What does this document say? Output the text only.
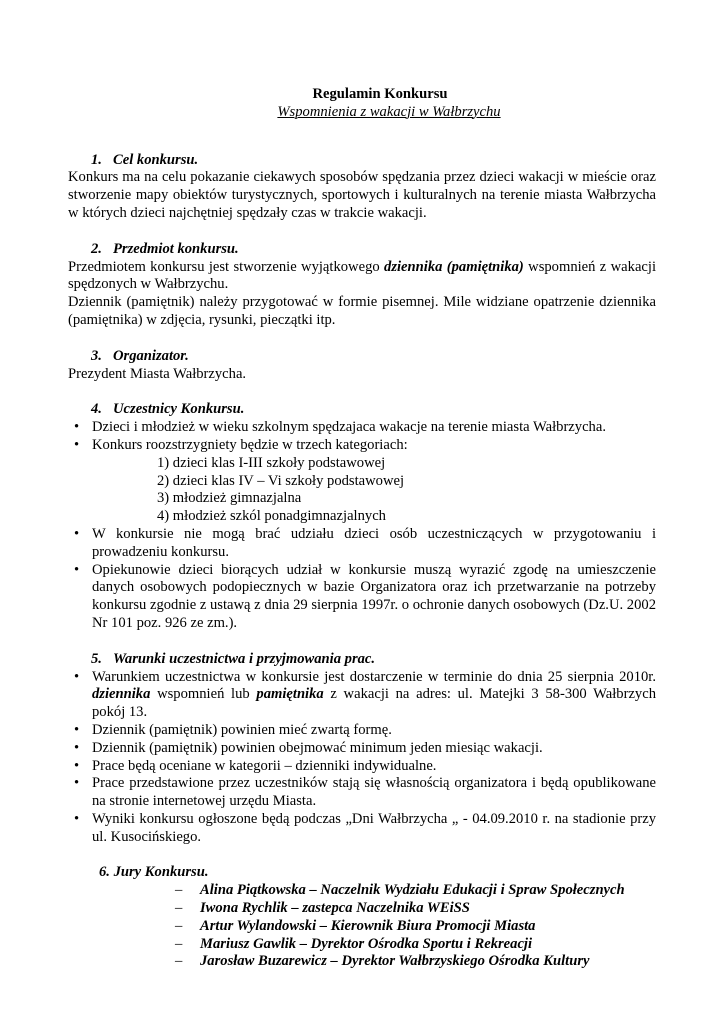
Regulamin Konkursu
Wspomnienia z wakacji w Wałbrzychu
1. Cel konkursu.
Konkurs ma na celu pokazanie ciekawych sposobów spędzania przez dzieci wakacji w mieście oraz stworzenie mapy obiektów turystycznych, sportowych i kulturalnych na terenie miasta Wałbrzycha w których dzieci najchętniej spędzały czas w trakcie wakacji.
2. Przedmiot konkursu.
Przedmiotem konkursu jest stworzenie wyjątkowego dziennika (pamiętnika) wspomnień z wakacji spędzonych w Wałbrzychu.
Dziennik (pamiętnik) należy przygotować w formie pisemnej. Mile widziane opatrzenie dziennika (pamiętnika) w zdjęcia, rysunki, pieczątki itp.
3. Organizator.
Prezydent Miasta Wałbrzycha.
4. Uczestnicy Konkursu.
• Dzieci i młodzież w wieku szkolnym spędzajaca wakacje na terenie miasta Wałbrzycha.
• Konkurs roozstrzygniety będzie w trzech kategoriach:
1) dzieci klas I-III szkoły podstawowej
2) dzieci klas IV – Vi szkoły podstawowej
3) młodzież gimnazjalna
4) młodzież szkól ponadgimnazjalnych
• W konkursie nie mogą brać udziału dzieci osób uczestniczących w przygotowaniu i prowadzeniu konkursu.
• Opiekunowie dzieci biorących udział w konkursie muszą wyrazić zgodę na umieszczenie danych osobowych podopiecznych w bazie Organizatora oraz ich przetwarzanie na potrzeby konkursu zgodnie z ustawą z dnia 29 sierpnia 1997r. o ochronie danych osobowych (Dz.U. 2002 Nr 101 poz. 926 ze zm.).
5. Warunki uczestnictwa i przyjmowania prac.
• Warunkiem uczestnictwa w konkursie jest dostarczenie w terminie do dnia 25 sierpnia 2010r. dziennika wspomnień lub pamiętnika z wakacji na adres: ul. Matejki 3 58-300 Wałbrzych pokój 13.
• Dziennik (pamiętnik) powinien mieć zwartą formę.
• Dziennik (pamiętnik) powinien obejmować minimum jeden miesiąc wakacji.
• Prace będą oceniane w kategorii – dzienniki indywidualne.
• Prace przedstawione przez uczestników stają się własnością organizatora i będą opublikowane na stronie internetowej urzędu Miasta.
• Wyniki konkursu ogłoszone będą podczas „Dni Wałbrzycha „ - 04.09.2010 r. na stadionie przy ul. Kusocińskiego.
6. Jury Konkursu.
– Alina Piątkowska – Naczelnik Wydziału Edukacji i Spraw Społecznych
– Iwona Rychlik – zastepca Naczelnika WEiSS
– Artur Wylandowski – Kierownik Biura Promocji Miasta
– Mariusz Gawlik – Dyrektor Ośrodka Sportu i Rekreacji
– Jarosław Buzarewicz – Dyrektor Wałbrzyskiego Ośrodka Kultury
